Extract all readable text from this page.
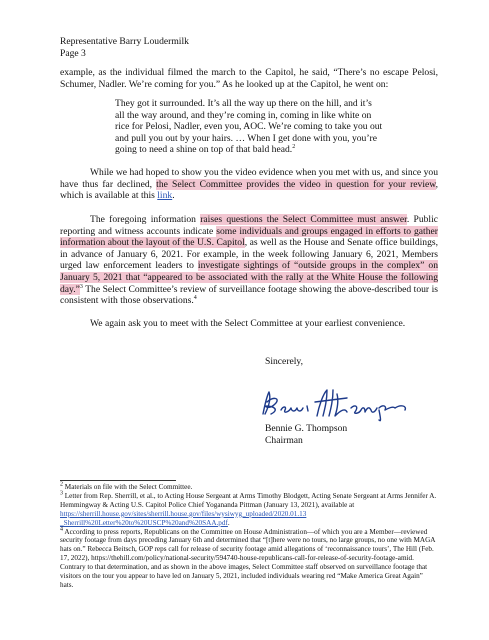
Representative Barry Loudermilk
Page 3
example, as the individual filmed the march to the Capitol, he said, “There’s no escape Pelosi, Schumer, Nadler. We’re coming for you.” As he looked up at the Capitol, he went on:
They got it surrounded. It’s all the way up there on the hill, and it’s all the way around, and they’re coming in, coming in like white on rice for Pelosi, Nadler, even you, AOC. We’re coming to take you out and pull you out by your hairs. … When I get done with you, you’re going to need a shine on top of that bald head.$^2$
While we had hoped to show you the video evidence when you met with us, and since you have thus far declined, the Select Committee provides the video in question for your review, which is available at this link.
The foregoing information raises questions the Select Committee must answer. Public reporting and witness accounts indicate some individuals and groups engaged in efforts to gather information about the layout of the U.S. Capitol, as well as the House and Senate office buildings, in advance of January 6, 2021. For example, in the week following January 6, 2021, Members urged law enforcement leaders to investigate sightings of “outside groups in the complex” on January 5, 2021 that “appeared to be associated with the rally at the White House the following day.”$^3$ The Select Committee’s review of surveillance footage showing the above-described tour is consistent with those observations.$^4$
We again ask you to meet with the Select Committee at your earliest convenience.
Sincerely,
Bennie G. Thompson
Chairman

$^2$ Materials on file with the Select Committee.

$^3$ Letter from Rep. Sherrill, et al., to Acting House Sergeant at Arms Timothy Blodgett, Acting Senate Sergeant at Arms Jennifer A. Hemmingway & Acting U.S. Capitol Police Chief Yogananda Pittman (January 13, 2021), available at https://sherrill.house.gov/sites/sherrill.house.gov/files/wysiwyg_uploaded/2020.01.13 _Sherrill%20Letter%20to%20USCP%20and%20SAA.pdf.

$^4$ According to press reports, Republicans on the Committee on House Administration—of which you are a Member—reviewed security footage from days preceding January 6th and determined that “[t]here were no tours, no large groups, no one with MAGA hats on.” Rebecca Beitsch, GOP reps call for release of security footage amid allegations of ‘reconnaissance tours’, The Hill (Feb. 17, 2022), https://thehill.com/policy/national-security/594740-house-republicans-call-for-release-of-security-footage-amid. Contrary to that determination, and as shown in the above images, Select Committee staff observed on surveillance footage that visitors on the tour you appear to have led on January 5, 2021, included individuals wearing red “Make America Great Again” hats.
